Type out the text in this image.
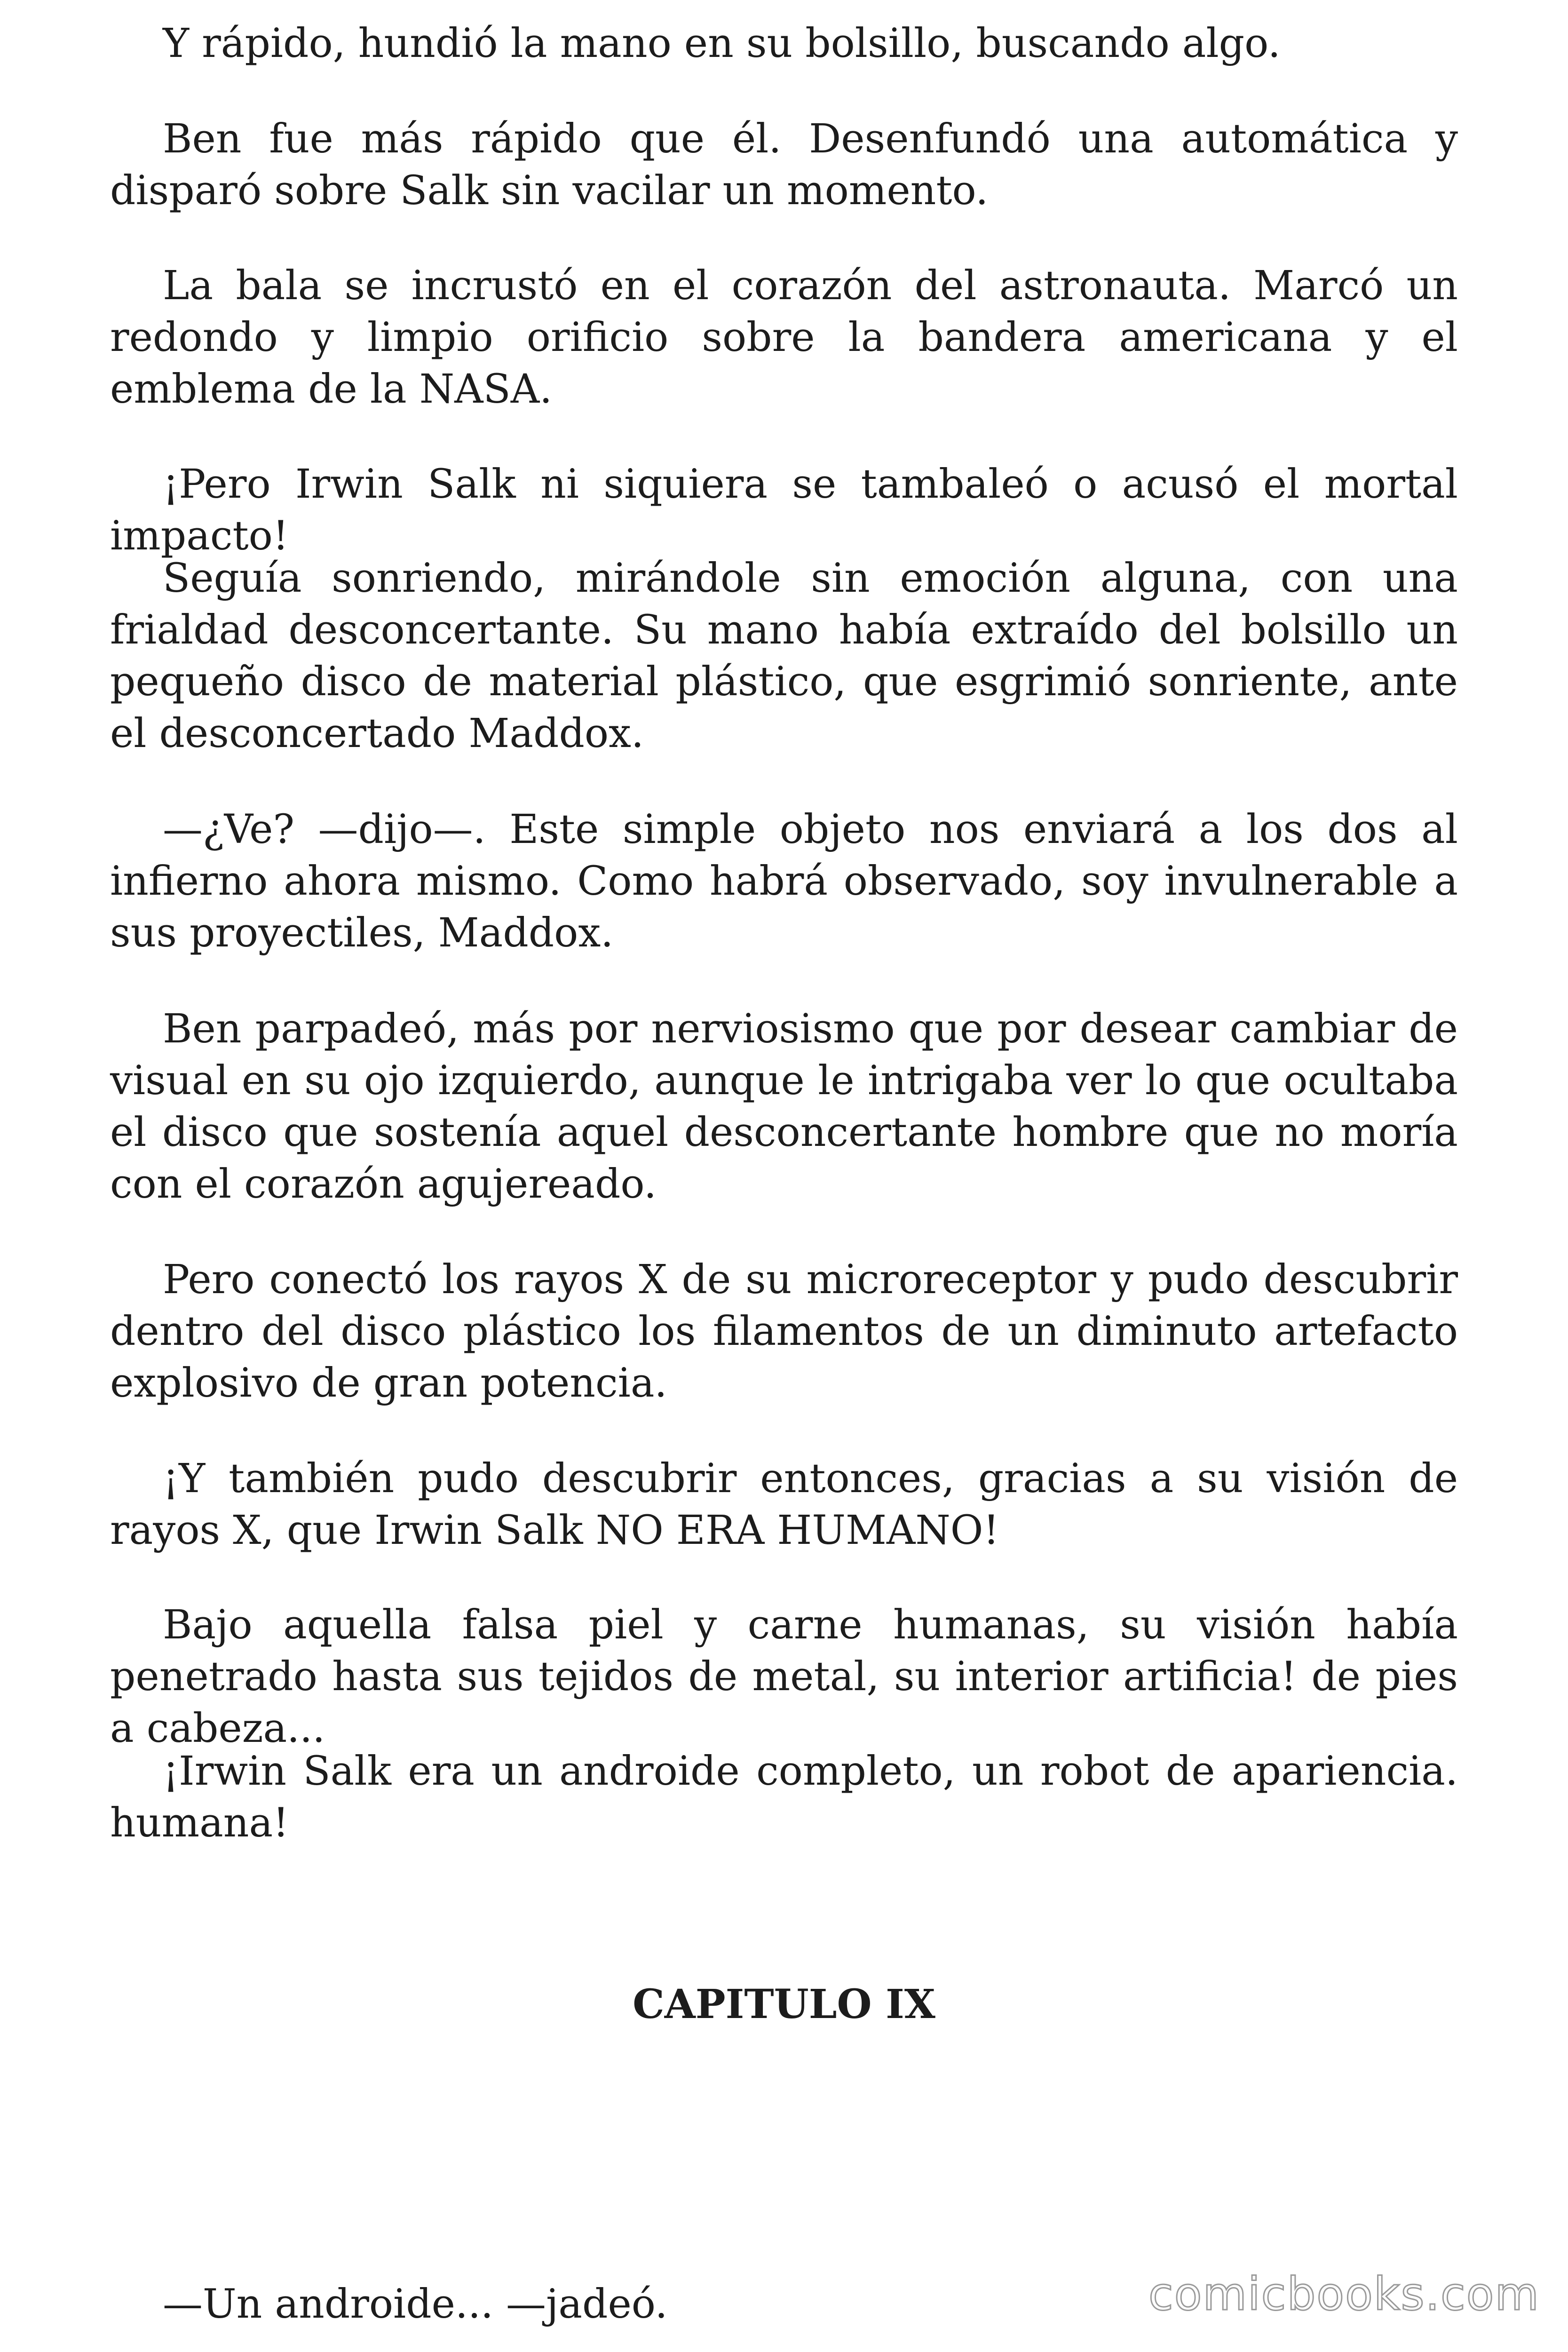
Y rápido, hundió la mano en su bolsillo, buscando algo.

Ben fue más rápido que él. Desenfundó una automática y disparó sobre Salk sin vacilar un momento.

La bala se incrustó en el corazón del astronauta. Marcó un redondo y limpio orificio sobre la bandera americana y el emblema de la NASA.

¡Pero Irwin Salk ni siquiera se tambaleó o acusó el mortal impacto!

Seguía sonriendo, mirándole sin emoción alguna, con una frialdad desconcertante. Su mano había extraído del bolsillo un pequeño disco de material plástico, que esgrimió sonriente, ante el desconcertado Maddox.

—¿Ve? —dijo—. Este simple objeto nos enviará a los dos al infierno ahora mismo. Como habrá observado, soy invulnerable a sus proyectiles, Maddox.

Ben parpadeó, más por nerviosismo que por desear cambiar de visual en su ojo izquierdo, aunque le intrigaba ver lo que ocultaba el disco que sostenía aquel desconcertante hombre que no moría con el corazón agujereado.

Pero conectó los rayos X de su microreceptor y pudo descubrir dentro del disco plástico los filamentos de un diminuto artefacto explosivo de gran potencia.

¡Y también pudo descubrir entonces, gracias a su visión de rayos X, que Irwin Salk NO ERA HUMANO!

Bajo aquella falsa piel y carne humanas, su visión había penetrado hasta sus tejidos de metal, su interior artificia! de pies a cabeza...

¡Irwin Salk era un androide completo, un robot de apariencia. humana!

CAPITULO IX

—Un androide... —jadeó.	comicbooks.com
